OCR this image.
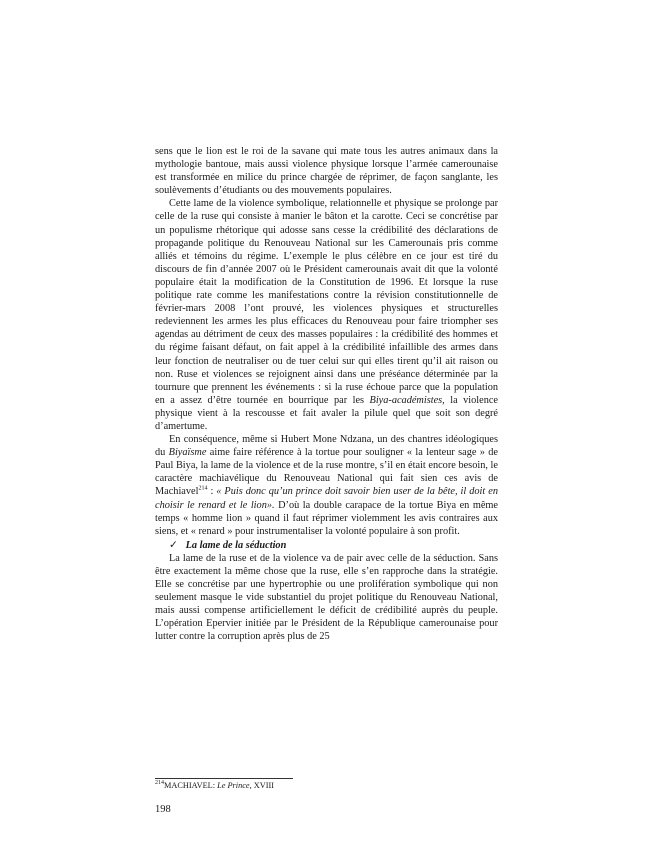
sens que le lion est le roi de la savane qui mate tous les autres animaux dans la mythologie bantoue, mais aussi violence physique lorsque l’armée camerounaise est transformée en milice du prince chargée de réprimer, de façon sanglante, les soulèvements d’étudiants ou des mouvements populaires.

Cette lame de la violence symbolique, relationnelle et physique se prolonge par celle de la ruse qui consiste à manier le bâton et la carotte. Ceci se concrétise par un populisme rhétorique qui adosse sans cesse la crédibilité des déclarations de propagande politique du Renouveau National sur les Camerounais pris comme alliés et témoins du régime. L’exemple le plus célèbre en ce jour est tiré du discours de fin d’année 2007 où le Président camerounais avait dit que la volonté populaire était la modification de la Constitution de 1996. Et lorsque la ruse politique rate comme les manifestations contre la révision constitutionnelle de février-mars 2008 l’ont prouvé, les violences physiques et structurelles redeviennent les armes les plus efficaces du Renouveau pour faire triompher ses agendas au détriment de ceux des masses populaires : la crédibilité des hommes et du régime faisant défaut, on fait appel à la crédibilité infaillible des armes dans leur fonction de neutraliser ou de tuer celui sur qui elles tirent qu’il ait raison ou non. Ruse et violences se rejoignent ainsi dans une préséance déterminée par la tournure que prennent les événements : si la ruse échoue parce que la population en a assez d’être tournée en bourrique par les Biya-académistes, la violence physique vient à la rescousse et fait avaler la pilule quel que soit son degré d’amertume.

En conséquence, même si Hubert Mone Ndzana, un des chantres idéologiques du Biyaïsme aime faire référence à la tortue pour souligner « la lenteur sage » de Paul Biya, la lame de la violence et de la ruse montre, s’il en était encore besoin, le caractère machiavélique du Renouveau National qui fait sien ces avis de Machiavel$^{214}$ : « Puis donc qu’un prince doit savoir bien user de la bête, il doit en choisir le renard et le lion». D’où la double carapace de la tortue Biya en même temps « homme lion » quand il faut réprimer violemment les avis contraires aux siens, et « renard » pour instrumentaliser la volonté populaire à son profit.

✓ La lame de la séduction

La lame de la ruse et de la violence va de pair avec celle de la séduction. Sans être exactement la même chose que la ruse, elle s’en rapproche dans la stratégie. Elle se concrétise par une hypertrophie ou une prolifération symbolique qui non seulement masque le vide substantiel du projet politique du Renouveau National, mais aussi compense artificiellement le déficit de crédibilité auprès du peuple. L’opération Epervier initiée par le Président de la République camerounaise pour lutter contre la corruption après plus de 25

$^{214}$MACHIAVEL: Le Prince, XVIII
198
